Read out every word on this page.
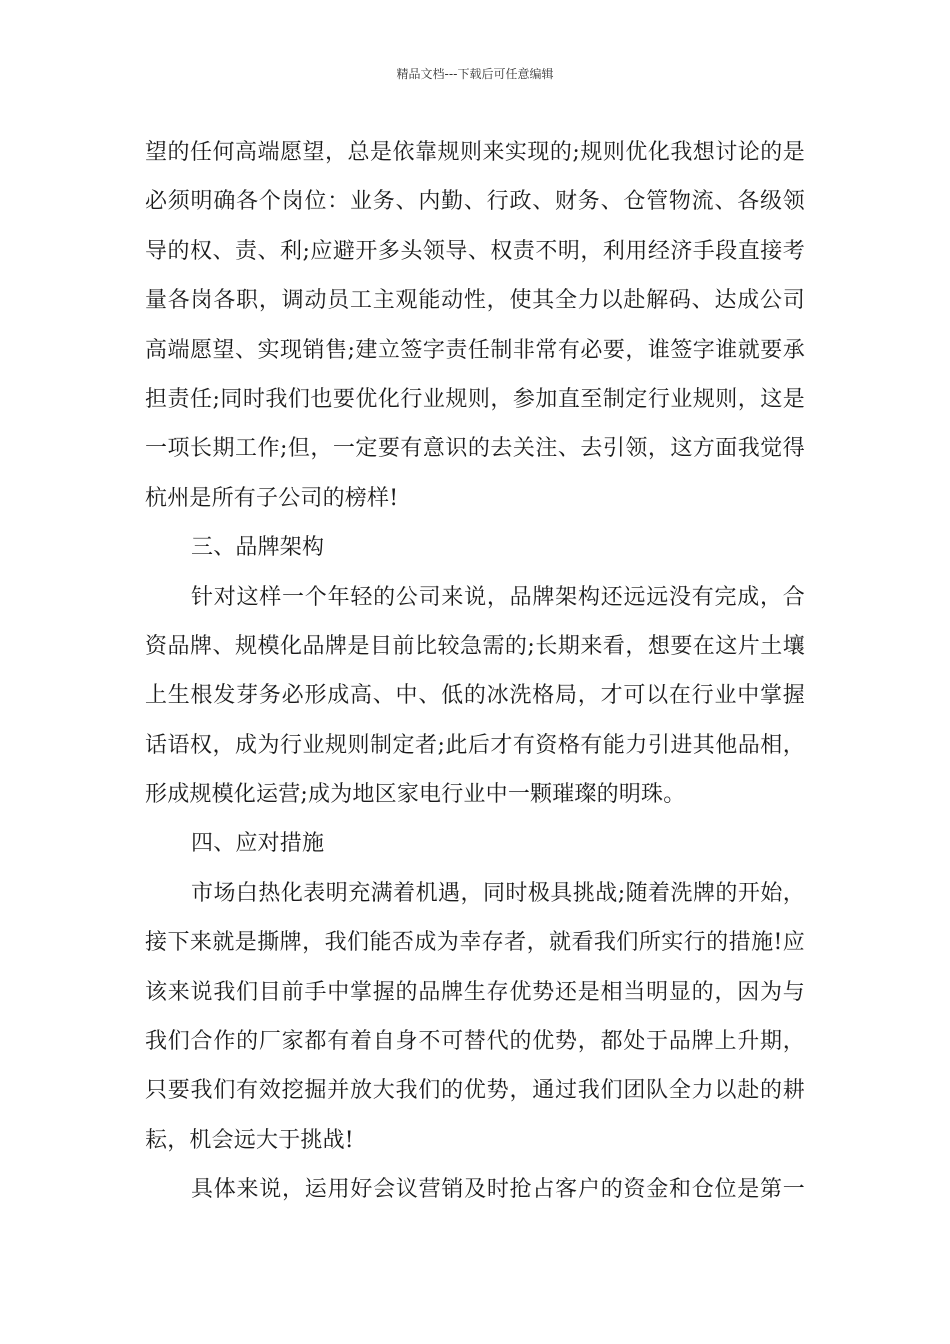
精品文档---下载后可任意编辑
望的任何高端愿望，总是依靠规则来实现的;规则优化我想讨论的是
必须明确各个岗位：业务、内勤、行政、财务、仓管物流、各级领
导的权、责、利;应避开多头领导、权责不明，利用经济手段直接考
量各岗各职，调动员工主观能动性，使其全力以赴解码、达成公司
高端愿望、实现销售;建立签字责任制非常有必要，谁签字谁就要承
担责任;同时我们也要优化行业规则，参加直至制定行业规则，这是
一项长期工作;但，一定要有意识的去关注、去引领，这方面我觉得
杭州是所有子公司的榜样!
三、品牌架构
针对这样一个年轻的公司来说，品牌架构还远远没有完成，合
资品牌、规模化品牌是目前比较急需的;长期来看，想要在这片土壤
上生根发芽务必形成高、中、低的冰洗格局，才可以在行业中掌握
话语权，成为行业规则制定者;此后才有资格有能力引进其他品相，
形成规模化运营;成为地区家电行业中一颗璀璨的明珠。
四、应对措施
市场白热化表明充满着机遇，同时极具挑战;随着洗牌的开始，
接下来就是撕牌，我们能否成为幸存者，就看我们所实行的措施!应
该来说我们目前手中掌握的品牌生存优势还是相当明显的，因为与
我们合作的厂家都有着自身不可替代的优势，都处于品牌上升期，
只要我们有效挖掘并放大我们的优势，通过我们团队全力以赴的耕
耘，机会远大于挑战!
具体来说，运用好会议营销及时抢占客户的资金和仓位是第一
